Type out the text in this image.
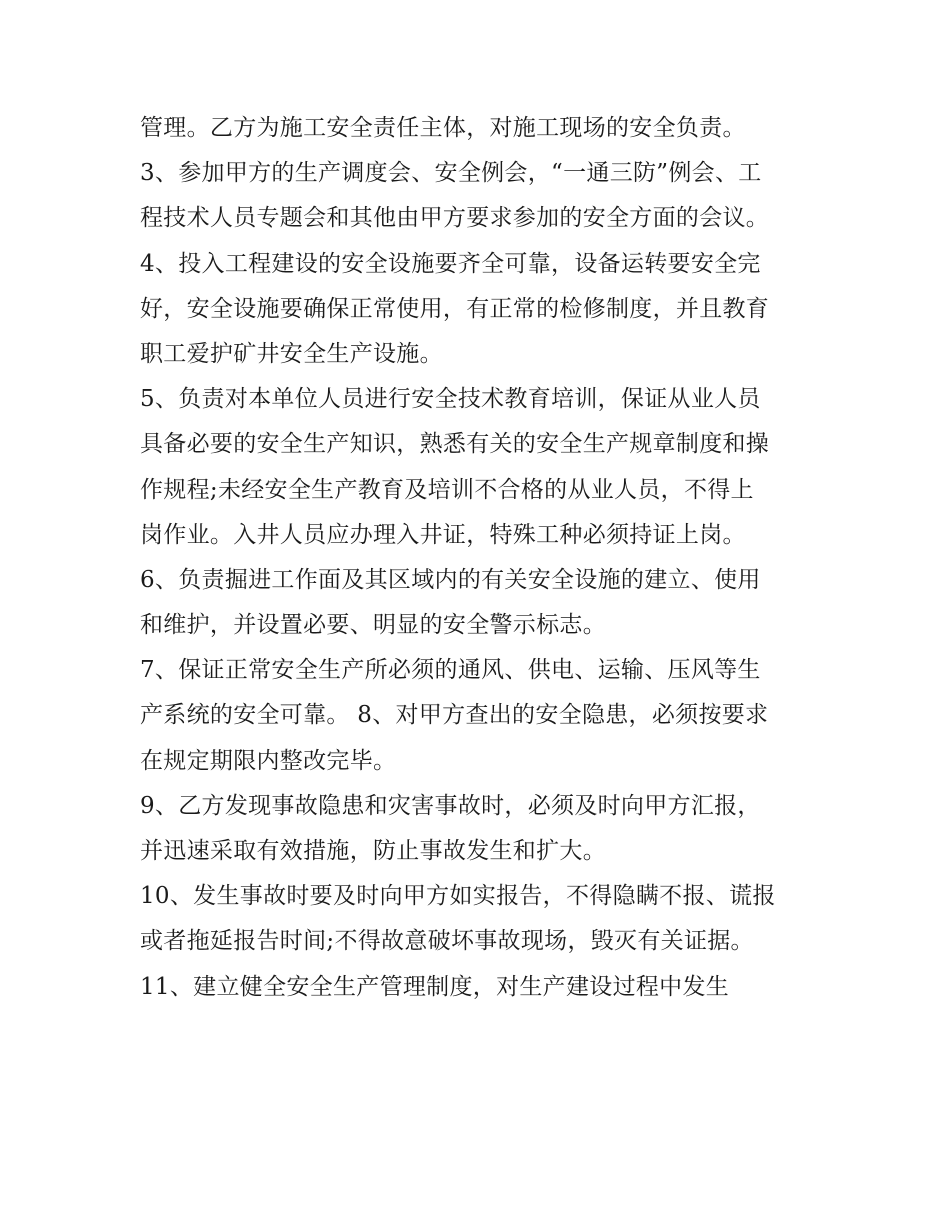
管理。乙方为施工安全责任主体，对施工现场的安全负责。
3、参加甲方的生产调度会、安全例会，“一通三防”例会、工
程技术人员专题会和其他由甲方要求参加的安全方面的会议。
4、投入工程建设的安全设施要齐全可靠，设备运转要安全完
好，安全设施要确保正常使用，有正常的检修制度，并且教育
职工爱护矿井安全生产设施。
5、负责对本单位人员进行安全技术教育培训，保证从业人员
具备必要的安全生产知识，熟悉有关的安全生产规章制度和操
作规程;未经安全生产教育及培训不合格的从业人员，不得上
岗作业。入井人员应办理入井证，特殊工种必须持证上岗。
6、负责掘进工作面及其区域内的有关安全设施的建立、使用
和维护，并设置必要、明显的安全警示标志。
7、保证正常安全生产所必须的通风、供电、运输、压风等生
产系统的安全可靠。 8、对甲方查出的安全隐患，必须按要求
在规定期限内整改完毕。
9、乙方发现事故隐患和灾害事故时，必须及时向甲方汇报，
并迅速采取有效措施，防止事故发生和扩大。
10、发生事故时要及时向甲方如实报告，不得隐瞒不报、谎报
或者拖延报告时间;不得故意破坏事故现场，毁灭有关证据。
11、建立健全安全生产管理制度，对生产建设过程中发生
